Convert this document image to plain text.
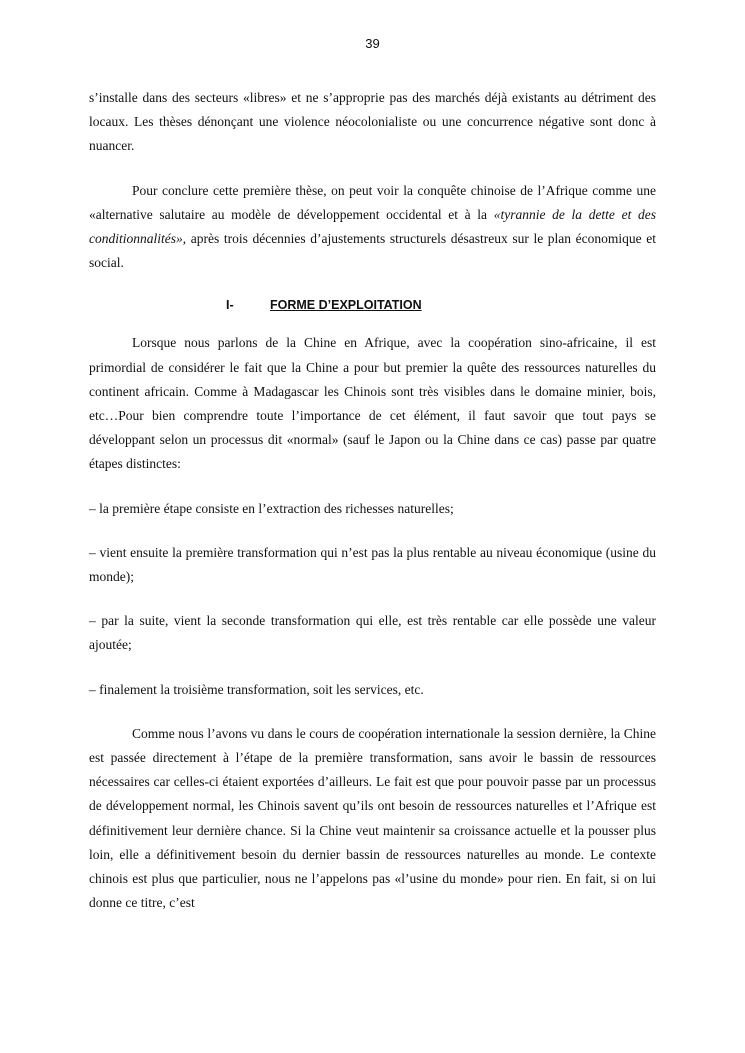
39

s’installe dans des secteurs «libres» et ne s’approprie pas des marchés déjà existants au détriment des locaux. Les thèses dénonçant une violence néocolonialiste ou une concurrence négative sont donc à nuancer.

Pour conclure cette première thèse, on peut voir la conquête chinoise de l’Afrique comme une «alternative salutaire au modèle de développement occidental et à la «tyrannie de la dette et des conditionnalités», après trois décennies d’ajustements structurels désastreux sur le plan économique et social.

I-	FORME D’EXPLOITATION

Lorsque nous parlons de la Chine en Afrique, avec la coopération sino-africaine, il est primordial de considérer le fait que la Chine a pour but premier la quête des ressources naturelles du continent africain. Comme à Madagascar les Chinois sont très visibles dans le domaine minier, bois, etc…Pour bien comprendre toute l’importance de cet élément, il faut savoir que tout pays se développant selon un processus dit «normal» (sauf le Japon ou la Chine dans ce cas) passe par quatre étapes distinctes:

– la première étape consiste en l’extraction des richesses naturelles;

– vient ensuite la première transformation qui n’est pas la plus rentable au niveau économique (usine du monde);

– par la suite, vient la seconde transformation qui elle, est très rentable car elle possède une valeur ajoutée;

– finalement la troisième transformation, soit les services, etc.

Comme nous l’avons vu dans le cours de coopération internationale la session dernière, la Chine est passée directement à l’étape de la première transformation, sans avoir le bassin de ressources nécessaires car celles-ci étaient exportées d’ailleurs. Le fait est que pour pouvoir passe par un processus de développement normal, les Chinois savent qu’ils ont besoin de ressources naturelles et l’Afrique est définitivement leur dernière chance. Si la Chine veut maintenir sa croissance actuelle et la pousser plus loin, elle a définitivement besoin du dernier bassin de ressources naturelles au monde. Le contexte chinois est plus que particulier, nous ne l’appelons pas «l’usine du monde» pour rien. En fait, si on lui donne ce titre, c’est
